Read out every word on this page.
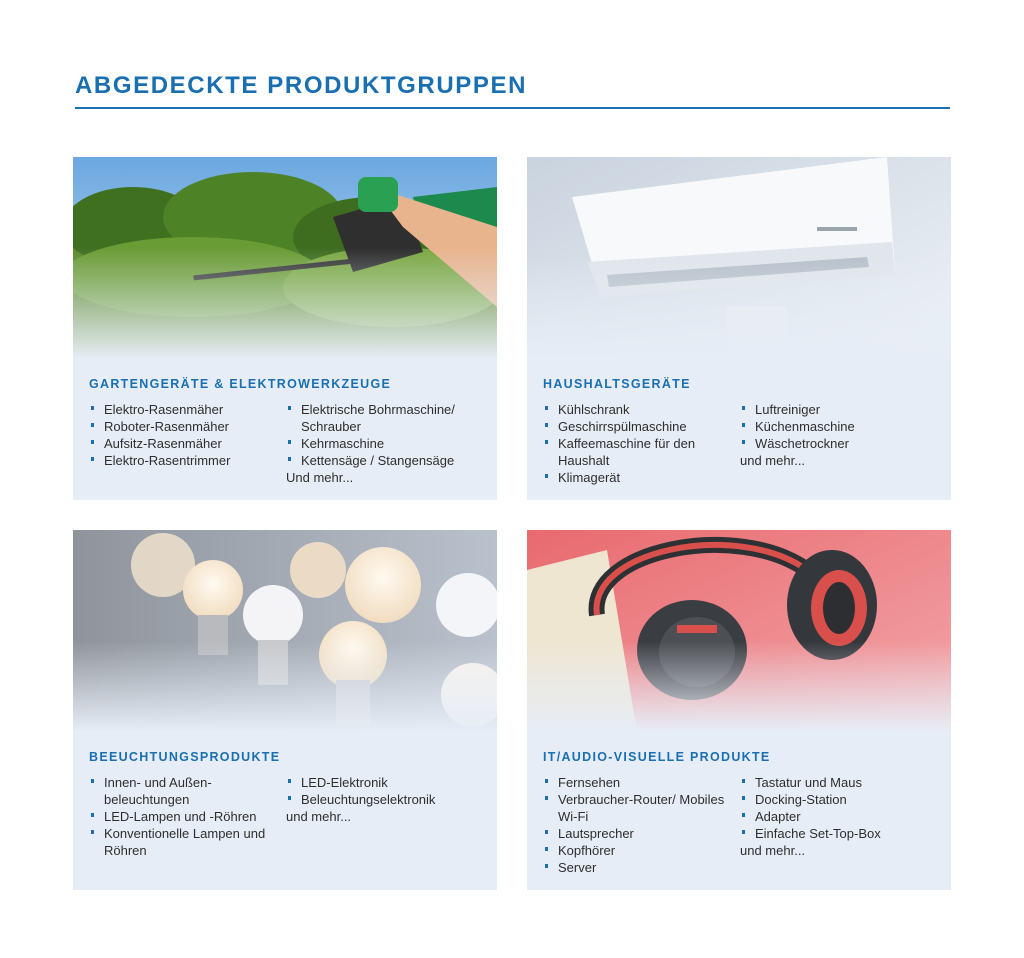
ABGEDECKTE PRODUKTGRUPPEN
GARTENGERÄTE & ELEKTROWERKZEUGE
Elektro-Rasenmäher
Roboter-Rasenmäher
Aufsitz-Rasenmäher
Elektro-Rasentrimmer
Elektrische Bohrmaschine/ Schrauber
Kehrmaschine
Kettensäge / Stangensäge
Und mehr...
HAUSHALTSGERÄTE
Kühlschrank
Geschirrspülmaschine
Kaffeemaschine für den Haushalt
Klimagerät
Luftreiniger
Küchenmaschine
Wäschetrockner
und mehr...
BEEUCHTUNGSPRODUKTE
Innen- und Außen-beleuchtungen
LED-Lampen und -Röhren
Konventionelle Lampen und Röhren
LED-Elektronik
Beleuchtungselektronik
und mehr...
IT/AUDIO-VISUELLE PRODUKTE
Fernsehen
Verbraucher-Router/ Mobiles Wi-Fi
Lautsprecher
Kopfhörer
Server
Tastatur und Maus
Docking-Station
Adapter
Einfache Set-Top-Box
und mehr...
